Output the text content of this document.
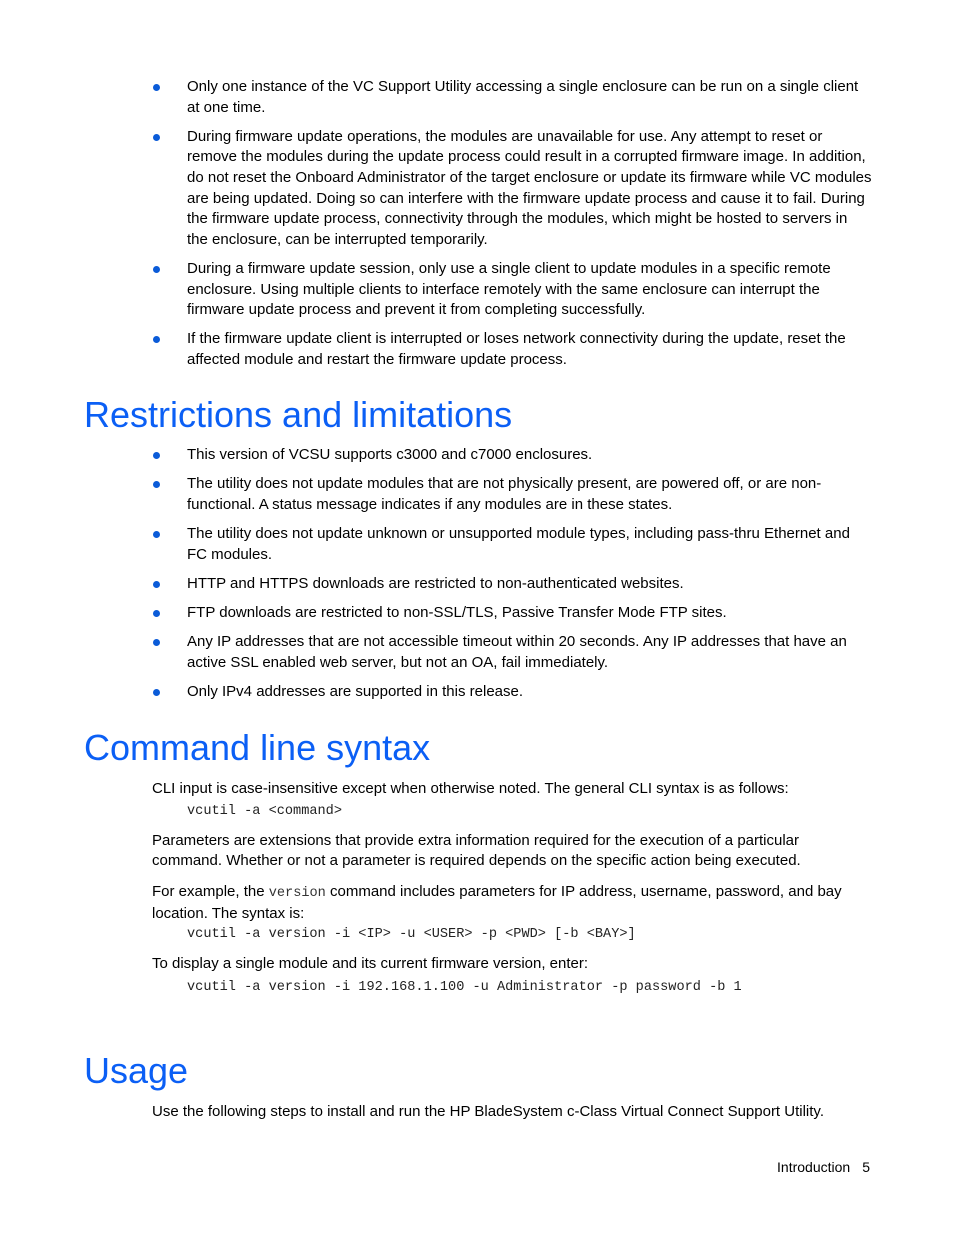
Only one instance of the VC Support Utility accessing a single enclosure can be run on a single client at one time.
During firmware update operations, the modules are unavailable for use. Any attempt to reset or remove the modules during the update process could result in a corrupted firmware image. In addition, do not reset the Onboard Administrator of the target enclosure or update its firmware while VC modules are being updated. Doing so can interfere with the firmware update process and cause it to fail. During the firmware update process, connectivity through the modules, which might be hosted to servers in the enclosure, can be interrupted temporarily.
During a firmware update session, only use a single client to update modules in a specific remote enclosure. Using multiple clients to interface remotely with the same enclosure can interrupt the firmware update process and prevent it from completing successfully.
If the firmware update client is interrupted or loses network connectivity during the update, reset the affected module and restart the firmware update process.
Restrictions and limitations
This version of VCSU supports c3000 and c7000 enclosures.
The utility does not update modules that are not physically present, are powered off, or are non-functional. A status message indicates if any modules are in these states.
The utility does not update unknown or unsupported module types, including pass-thru Ethernet and FC modules.
HTTP and HTTPS downloads are restricted to non-authenticated websites.
FTP downloads are restricted to non-SSL/TLS, Passive Transfer Mode FTP sites.
Any IP addresses that are not accessible timeout within 20 seconds. Any IP addresses that have an active SSL enabled web server, but not an OA, fail immediately.
Only IPv4 addresses are supported in this release.
Command line syntax

CLI input is case-insensitive except when otherwise noted. The general CLI syntax is as follows:

vcutil -a <command>

Parameters are extensions that provide extra information required for the execution of a particular command. Whether or not a parameter is required depends on the specific action being executed.

For example, the version command includes parameters for IP address, username, password, and bay location. The syntax is:

vcutil -a version -i <IP> -u <USER> -p <PWD> [-b <BAY>]

To display a single module and its current firmware version, enter:

vcutil -a version -i 192.168.1.100 -u Administrator -p password -b 1
Usage

Use the following steps to install and run the HP BladeSystem c-Class Virtual Connect Support Utility.

Introduction 5
